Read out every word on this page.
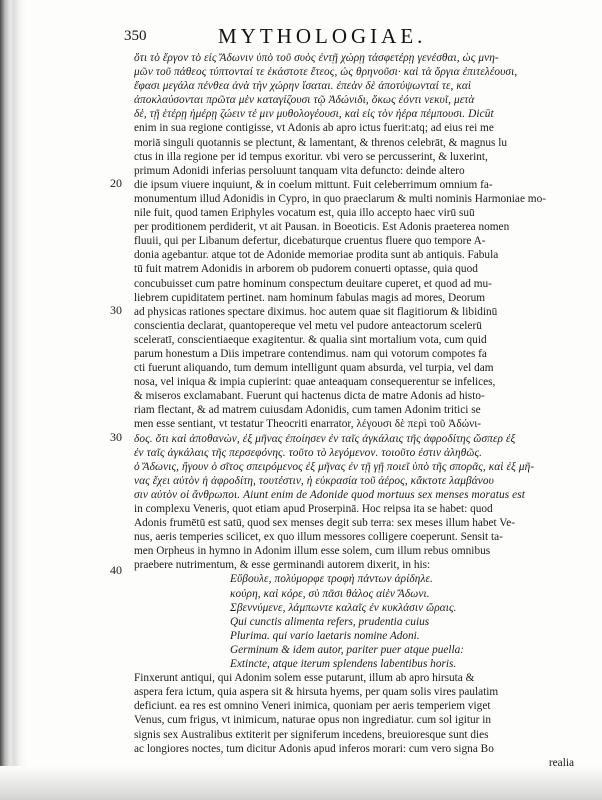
350	MYTHOLOGIAE.
20
30
30
40
ὅτι τὸ ἔργον τὸ εἰς Ἄδωνιν ὑπὸ τοῦ συὸς ἐντῇ χώρῃ τάσφετέρῃ γενέσθαι, ὡς μνη-
μῶν τοῦ πάθεος τύπτονταί τε ἑκάστοτε ἔτεος, ὡς θρηνοῦσι· καὶ τὰ ὄργια ἐπιτελέουσι,
ἔφασι μεγάλα πένθεα ἀνὰ τὴν χώρην ἵσαται. ἐπεὰν δὲ ἀποτύψωνταί τε, καὶ
ἀποκλαύσονται πρῶτα μὲν καταγίζουσι τῷ Ἀδώνιδι, ὅκως ἐόντι νεκυῖ, μετὰ
δὲ, τῇ ἑτέρῃ ἡμέρῃ ζώειν τέ μιν μυθολογέουσι, καὶ εἰς τὸν ἠέρα πέμπουσι. Dicūt
enim in sua regione contigisse, vt Adonis ab apro ictus fuerit:atq; ad eius rei me
moriā singuli quotannis se plectunt, & lamentant, & threnos celebrāt, & magnus lu
ctus in illa regione per id tempus exoritur. vbi vero se percusserint, & luxerint,
primum Adonidi inferias persoluunt tanquam vita defuncto: deinde altero
die ipsum viuere inquiunt, & in coelum mittunt. Fuit celeberrimum omnium fa-
monumentum illud Adonidis in Cypro, in quo praeclarum & multi nominis Harmoniae mo-
nile fuit, quod tamen Eriphyles vocatum est, quia illo accepto haec virū suū
per proditionem perdiderit, vt ait Pausan. in Boeoticis. Est Adonis praeterea nomen
fluuii, qui per Libanum defertur, dicebaturque cruentus fluere quo tempore A-
donia agebantur. atque tot de Adonide memoriae prodita sunt ab antiquis. Fabula
tū fuit matrem Adonidis in arborem ob pudorem conuerti optasse, quia quod
concubuisset cum patre hominum conspectum deuitare cuperet, et quod ad mu-
liebrem cupiditatem pertinet. nam hominum fabulas magis ad mores, Deorum
ad physicas rationes spectare diximus. hoc autem quae sit flagitiorum & libidinū
conscientia declarat, quantopereque vel metu vel pudore anteactorum scelerū
sceleratī, conscientiaeque exagitentur. & qualia sint mortalium vota, cum quid
parum honestum a Diis impetrare contendimus. nam qui votorum compotes fa
cti fuerunt aliquando, tum demum intelligunt quam absurda, vel turpia, vel dam
nosa, vel iniqua & impia cupierint: quae anteaquam consequerentur se infelices,
& miseros exclamabant. Fuerunt qui hactenus dicta de matre Adonis ad histo-
riam flectant, & ad matrem cuiusdam Adonidis, cum tamen Adonim tritici se
men esse sentiant, vt testatur Theocriti enarrator, λέγουσι δὲ περὶ τοῦ Ἀδώνι-
δος. ὅτι καὶ ἀποθανὼν, ἐξ μῆνας ἐποίησεν ἐν ταῖς ἀγκάλαις τῆς ἀφροδίτης ὥσπερ ἐξ
ἐν ταῖς ἀγκάλαις τῆς περσεφόνης. τοῦτο τὸ λεγόμενον. τοιοῦτο ἐστιν ἀληθῶς.
ὁ Ἄδωνις, ἤγουν ὁ σῖτος σπειρόμενος ἐξ μῆνας ἐν τῇ γῇ ποιεῖ ὑπὸ τῆς σπορᾶς, καὶ ἐξ μῆ-
νας ἔχει αὐτὸν ἡ ἀφροδίτη, τουτέστιν, ἡ εὐκρασία τοῦ ἀέρος, κἄκτοτε λαμβάνου
σιν αὐτὸν οἱ ἄνθρωποι. Aiunt enim de Adonide quod mortuus sex menses moratus est
in complexu Veneris, quot etiam apud Proserpinā. Hoc reipsa ita se habet: quod
Adonis frumētū est satū, quod sex menses degit sub terra: sex meses illum habet Ve-
nus, aeris temperies scilicet, ex quo illum messores colligere coeperunt. Sensit ta-
men Orpheus in hymno in Adonim illum esse solem, cum illum rebus omnibus
praebere nutrimentum, & esse germinandi autorem dixerit, in his:
Εὔβουλε, πολύμορφε τροφὴ πάντων ἀρίδηλε.
κούρη, καὶ κόρε, σὺ πᾶσι θάλος αἰὲν Ἄδωνι.
Σβεννύμενε, λάμπωντε καλαῖς ἐν κυκλάσιν ὥραις.
Qui cunctis alimenta refers, prudentia cuius
Plurima. qui vario laetaris nomine Adoni.
Germinum & idem autor, pariter puer atque puella:
Extincte, atque iterum splendens labentibus horis.
Finxerunt antiqui, qui Adonim solem esse putarunt, illum ab apro hirsuta &
aspera fera ictum, quia aspera sit & hirsuta hyems, per quam solis vires paulatim
deficiunt. ea res est omnino Veneri inimica, quoniam per aeris temperiem viget
Venus, cum frigus, vt inimicum, naturae opus non ingrediatur. cum sol igitur in
signis sex Australibus extiterit per signiferum incedens, breuioresque sunt dies
ac longiores noctes, tum dicitur Adonis apud inferos morari: cum vero signa Bo
realia
